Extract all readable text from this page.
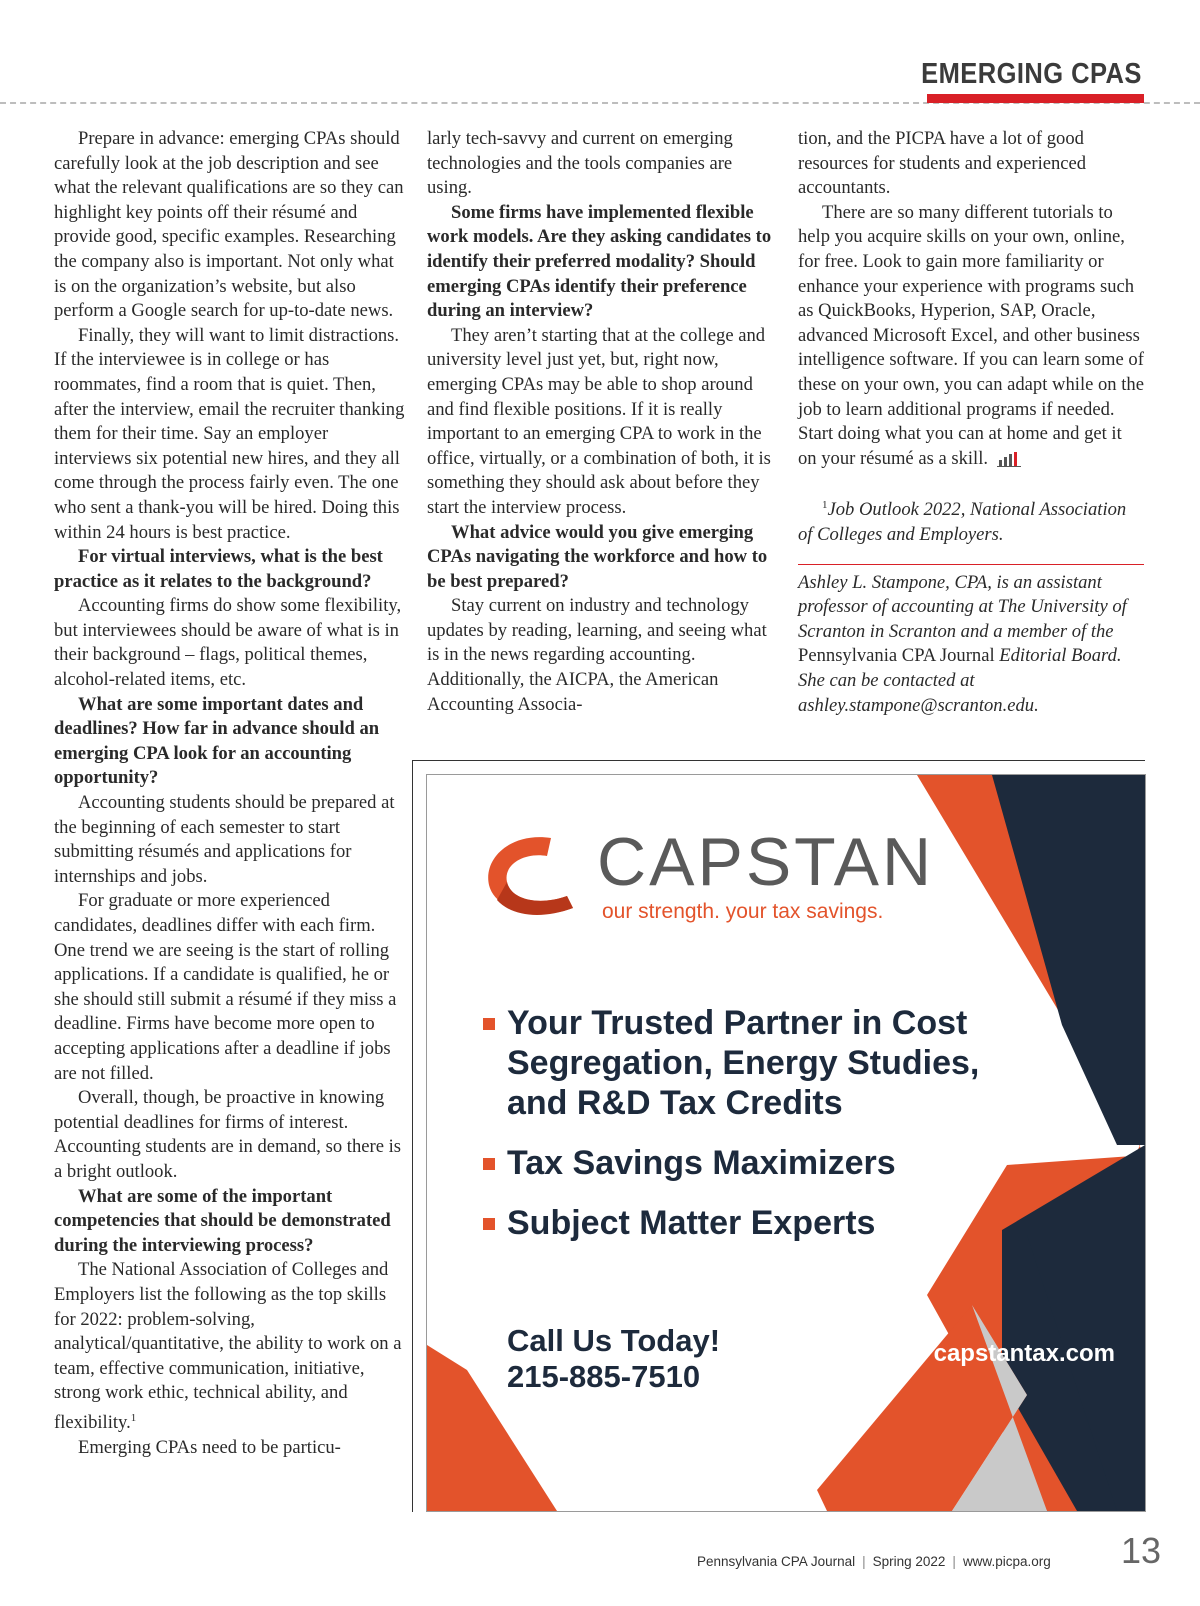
EMERGING CPAS

Prepare in advance: emerging CPAs should carefully look at the job description and see what the relevant qualifications are so they can highlight key points off their résumé and provide good, specific examples. Researching the company also is important. Not only what is on the organization’s website, but also perform a Google search for up-to-date news.

Finally, they will want to limit distractions. If the interviewee is in college or has roommates, find a room that is quiet. Then, after the interview, email the recruiter thanking them for their time. Say an employer interviews six potential new hires, and they all come through the process fairly even. The one who sent a thank-you will be hired. Doing this within 24 hours is best practice.

For virtual interviews, what is the best practice as it relates to the background?

Accounting firms do show some flexibility, but interviewees should be aware of what is in their background – flags, political themes, alcohol-related items, etc.

What are some important dates and deadlines? How far in advance should an emerging CPA look for an accounting opportunity?

Accounting students should be prepared at the beginning of each semester to start submitting résumés and applications for internships and jobs.

For graduate or more experienced candidates, deadlines differ with each firm. One trend we are seeing is the start of rolling applications. If a candidate is qualified, he or she should still submit a résumé if they miss a deadline. Firms have become more open to accepting applications after a deadline if jobs are not filled.

Overall, though, be proactive in knowing potential deadlines for firms of interest. Accounting students are in demand, so there is a bright outlook.

What are some of the important competencies that should be demonstrated during the interviewing process?

The National Association of Colleges and Employers list the following as the top skills for 2022: problem-solving, analytical/quantitative, the ability to work on a team, effective communication, initiative, strong work ethic, technical ability, and flexibility.$^1$

Emerging CPAs need to be particu-

larly tech-savvy and current on emerging technologies and the tools companies are using.

Some firms have implemented flexible work models. Are they asking candidates to identify their preferred modality? Should emerging CPAs identify their preference during an interview?

They aren’t starting that at the college and university level just yet, but, right now, emerging CPAs may be able to shop around and find flexible positions. If it is really important to an emerging CPA to work in the office, virtually, or a combination of both, it is something they should ask about before they start the interview process.

What advice would you give emerging CPAs navigating the workforce and how to be best prepared?

Stay current on industry and technology updates by reading, learning, and seeing what is in the news regarding accounting. Additionally, the AICPA, the American Accounting Associa-

tion, and the PICPA have a lot of good resources for students and experienced accountants.

There are so many different tutorials to help you acquire skills on your own, online, for free. Look to gain more familiarity or enhance your experience with programs such as QuickBooks, Hyperion, SAP, Oracle, advanced Microsoft Excel, and other business intelligence software. If you can learn some of these on your own, you can adapt while on the job to learn additional programs if needed. Start doing what you can at home and get it on your résumé as a skill.

$^1$Job Outlook 2022, National Association of Colleges and Employers.

Ashley L. Stampone, CPA, is an assistant professor of accounting at The University of Scranton in Scranton and a member of the Pennsylvania CPA Journal Editorial Board. She can be contacted at ashley.stampone@scranton.edu.

CAPSTAN
our strength. your tax savings.
Your Trusted Partner in Cost Segregation, Energy Studies, and R&D Tax Credits
Tax Savings Maximizers
Subject Matter Experts
Call Us Today!
215-885-7510
capstantax.com
Pennsylvania CPA Journal | Spring 2022 | www.picpa.org 13
